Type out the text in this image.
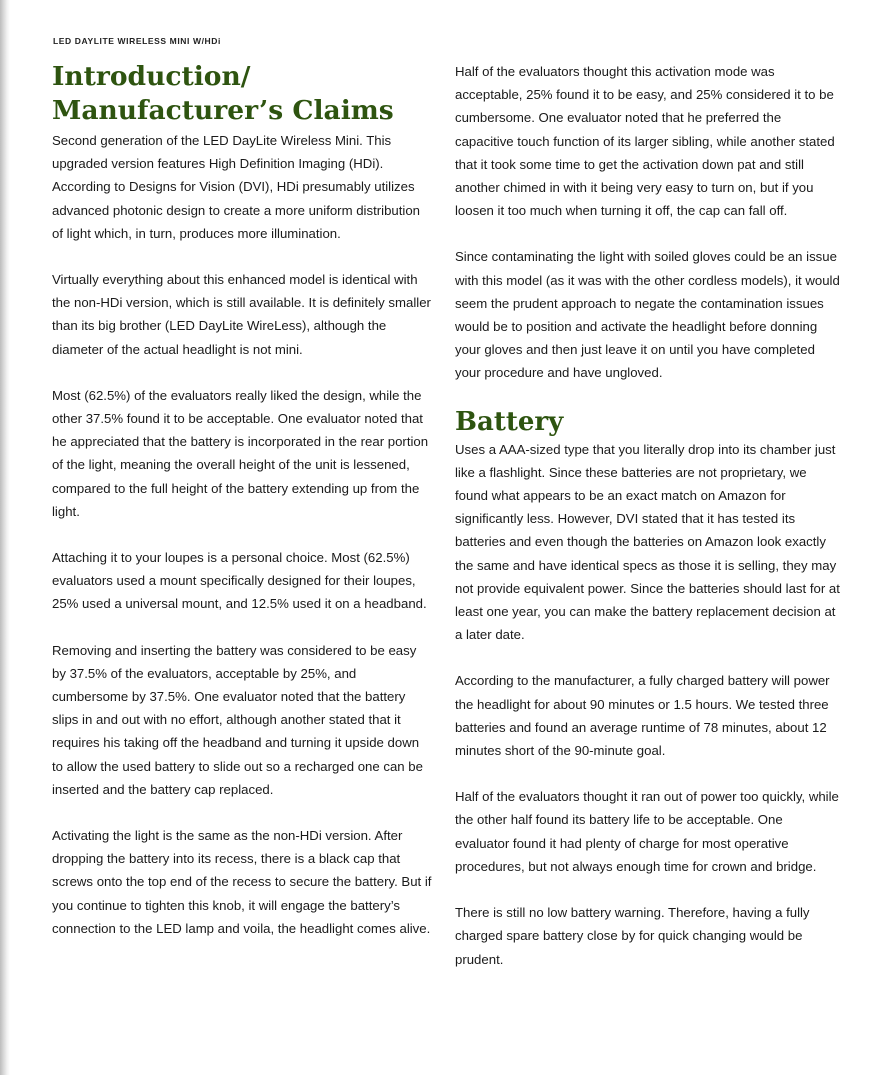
LED DAYLITE WIRELESS MINI W/HDi
Introduction/
Manufacturer’s Claims

Second generation of the LED DayLite Wireless Mini. This upgraded version features High Definition Imaging (HDi). According to Designs for Vision (DVI), HDi presumably utilizes advanced photonic design to create a more uniform distribution of light which, in turn, produces more illumination.

Virtually everything about this enhanced model is identical with the non-HDi version, which is still available. It is definitely smaller than its big brother (LED DayLite WireLess), although the diameter of the actual headlight is not mini.

Most (62.5%) of the evaluators really liked the design, while the other 37.5% found it to be acceptable. One evaluator noted that he appreciated that the battery is incorporated in the rear portion of the light, meaning the overall height of the unit is lessened, compared to the full height of the battery extending up from the light.

Attaching it to your loupes is a personal choice. Most (62.5%) evaluators used a mount specifically designed for their loupes, 25% used a universal mount, and 12.5% used it on a headband.

Removing and inserting the battery was considered to be easy by 37.5% of the evaluators, acceptable by 25%, and cumbersome by 37.5%. One evaluator noted that the battery slips in and out with no effort, although another stated that it requires his taking off the headband and turning it upside down to allow the used battery to slide out so a recharged one can be inserted and the battery cap replaced.

Activating the light is the same as the non-HDi version. After dropping the battery into its recess, there is a black cap that screws onto the top end of the recess to secure the battery. But if you continue to tighten this knob, it will engage the battery’s connection to the LED lamp and voila, the headlight comes alive.

Half of the evaluators thought this activation mode was acceptable, 25% found it to be easy, and 25% considered it to be cumbersome. One evaluator noted that he preferred the capacitive touch function of its larger sibling, while another stated that it took some time to get the activation down pat and still another chimed in with it being very easy to turn on, but if you loosen it too much when turning it off, the cap can fall off.

Since contaminating the light with soiled gloves could be an issue with this model (as it was with the other cordless models), it would seem the prudent approach to negate the contamination issues would be to position and activate the headlight before donning your gloves and then just leave it on until you have completed your procedure and have ungloved.

Battery

Uses a AAA-sized type that you literally drop into its chamber just like a flashlight. Since these batteries are not proprietary, we found what appears to be an exact match on Amazon for significantly less. However, DVI stated that it has tested its batteries and even though the batteries on Amazon look exactly the same and have identical specs as those it is selling, they may not provide equivalent power. Since the batteries should last for at least one year, you can make the battery replacement decision at a later date.

According to the manufacturer, a fully charged battery will power the headlight for about 90 minutes or 1.5 hours. We tested three batteries and found an average runtime of 78 minutes, about 12 minutes short of the 90-minute goal.

Half of the evaluators thought it ran out of power too quickly, while the other half found its battery life to be acceptable. One evaluator found it had plenty of charge for most operative procedures, but not always enough time for crown and bridge.

There is still no low battery warning. Therefore, having a fully charged spare battery close by for quick changing would be prudent.
